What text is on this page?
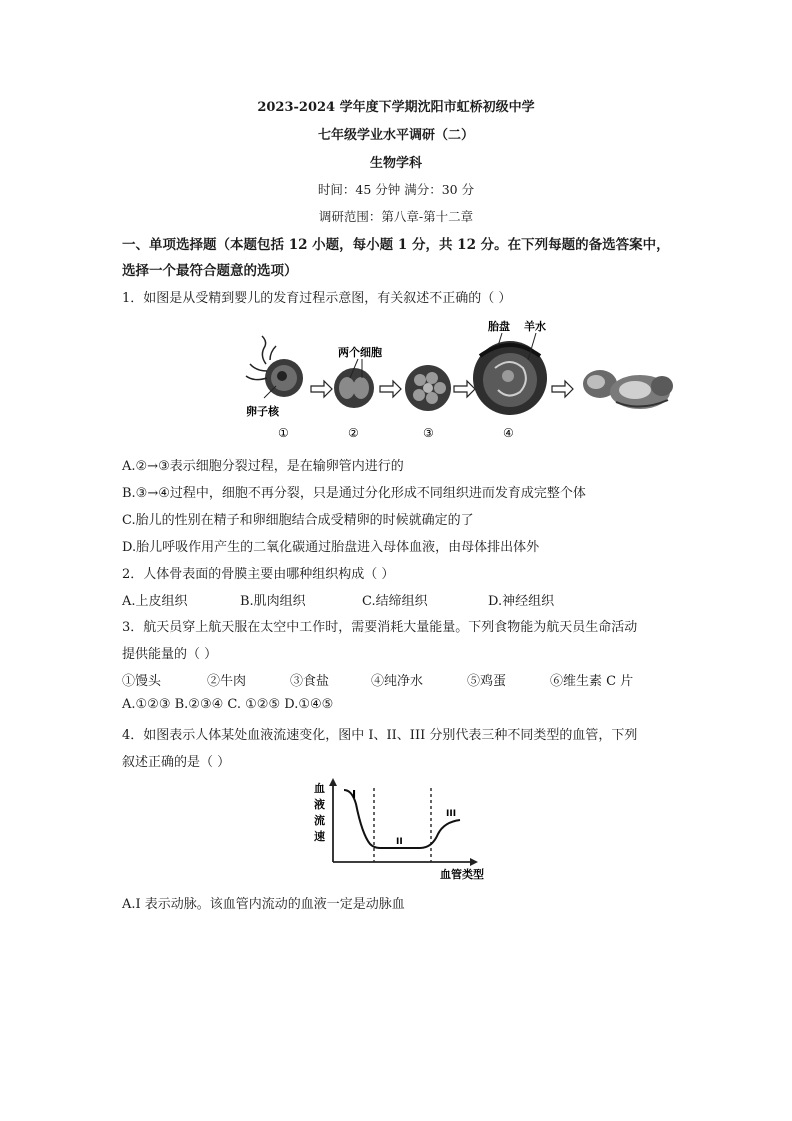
2023-2024 学年度下学期沈阳市虹桥初级中学
七年级学业水平调研（二）
生物学科
时间：45 分钟 满分：30 分
调研范围：第八章-第十二章
一、单项选择题（本题包括 12 小题，每小题 1 分，共 12 分。在下列每题的备选答案中，
选择一个最符合题意的选项）
1．如图是从受精到婴儿的发育过程示意图，有关叙述不正确的（ ）
卵子核
①
两个细胞
②	③
胎盘 羊水
④
A.②→③表示细胞分裂过程，是在输卵管内进行的
B.③→④过程中，细胞不再分裂，只是通过分化形成不同组织进而发育成完整个体
C.胎儿的性别在精子和卵细胞结合成受精卵的时候就确定的了
D.胎儿呼吸作用产生的二氧化碳通过胎盘进入母体血液，由母体排出体外
2．人体骨表面的骨膜主要由哪种组织构成（ ）
A.上皮组织	B.肌肉组织	C.结缔组织	D.神经组织
3．航天员穿上航天服在太空中工作时，需要消耗大量能量。下列食物能为航天员生命活动
提供能量的（ ）
①馒头	②牛肉	③食盐	④纯净水	⑤鸡蛋	⑥维生素 C 片
A.①②③ B.②③④ C. ①②⑤ D.①④⑤
4．如图表示人体某处血液流速变化，图中 I、II、III 分别代表三种不同类型的血管，下列
叙述正确的是（ ）
血
液
流
速
I
II
III
血管类型
A.I 表示动脉。该血管内流动的血液一定是动脉血
